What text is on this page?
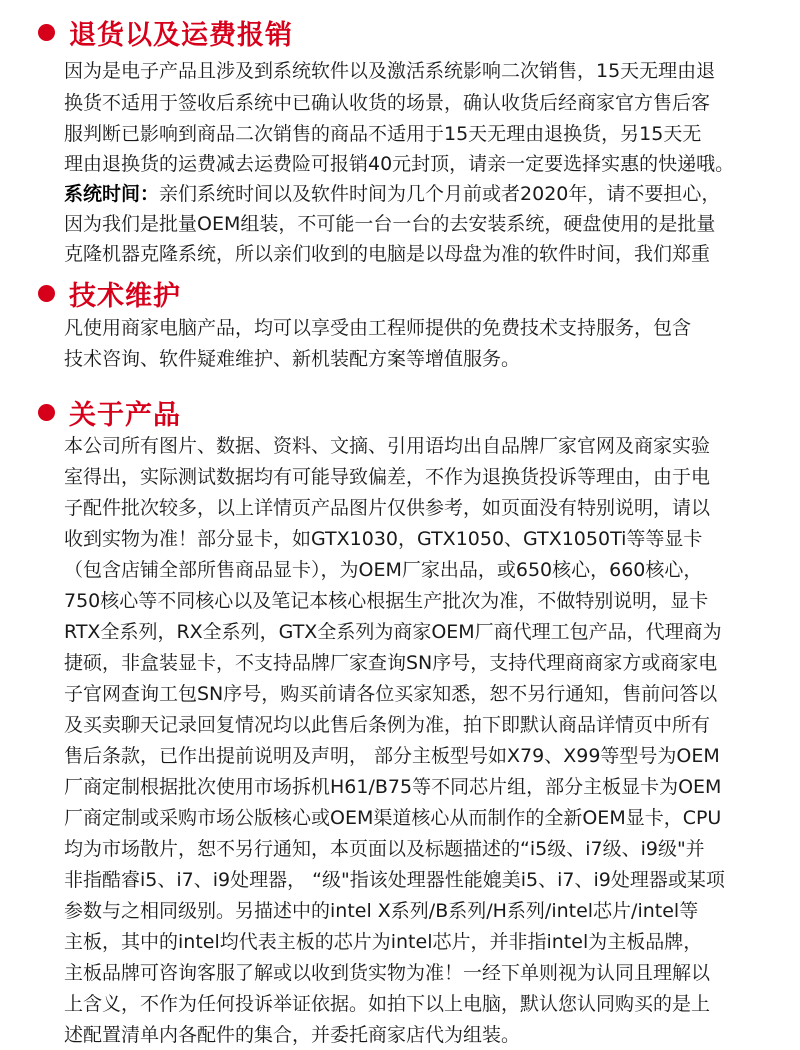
退货以及运费报销
因为是电子产品且涉及到系统软件以及激活系统影响二次销售，15天无理由退
换货不适用于签收后系统中已确认收货的场景，确认收货后经商家官方售后客
服判断已影响到商品二次销售的商品不适用于15天无理由退换货，另15天无
理由退换货的运费减去运费险可报销40元封顶，请亲一定要选择实惠的快递哦。
系统时间：亲们系统时间以及软件时间为几个月前或者2020年，请不要担心，
因为我们是批量OEM组装，不可能一台一台的去安装系统，硬盘使用的是批量
克隆机器克隆系统，所以亲们收到的电脑是以母盘为准的软件时间，我们郑重
技术维护
凡使用商家电脑产品，均可以享受由工程师提供的免费技术支持服务，包含
技术咨询、软件疑难维护、新机装配方案等增值服务。
关于产品
本公司所有图片、数据、资料、文摘、引用语均出自品牌厂家官网及商家实验
室得出，实际测试数据均有可能导致偏差，不作为退换货投诉等理由，由于电
子配件批次较多，以上详情页产品图片仅供参考，如页面没有特别说明，请以
收到实物为准！部分显卡，如GTX1030，GTX1050、GTX1050Ti等等显卡
（包含店铺全部所售商品显卡），为OEM厂家出品，或650核心，660核心，
750核心等不同核心以及笔记本核心根据生产批次为准，不做特别说明，显卡
RTX全系列，RX全系列，GTX全系列为商家OEM厂商代理工包产品，代理商为
捷硕，非盒装显卡，不支持品牌厂家查询SN序号，支持代理商商家方或商家电
子官网查询工包SN序号，购买前请各位买家知悉，恕不另行通知，售前问答以
及买卖聊天记录回复情况均以此售后条例为准，拍下即默认商品详情页中所有
售后条款，已作出提前说明及声明， 部分主板型号如X79、X99等型号为OEM
厂商定制根据批次使用市场拆机H61/B75等不同芯片组，部分主板显卡为OEM
厂商定制或采购市场公版核心或OEM渠道核心从而制作的全新OEM显卡，CPU
均为市场散片，恕不另行通知，本页面以及标题描述的“i5级、i7级、i9级"并
非指酷睿i5、i7、i9处理器， “级"指该处理器性能媲美i5、i7、i9处理器或某项
参数与之相同级别。另描述中的intel X系列/B系列/H系列/intel芯片/intel等
主板，其中的intel均代表主板的芯片为intel芯片，并非指intel为主板品牌，
主板品牌可咨询客服了解或以收到货实物为准！一经下单则视为认同且理解以
上含义，不作为任何投诉举证依据。如拍下以上电脑，默认您认同购买的是上
述配置清单内各配件的集合，并委托商家店代为组装。
